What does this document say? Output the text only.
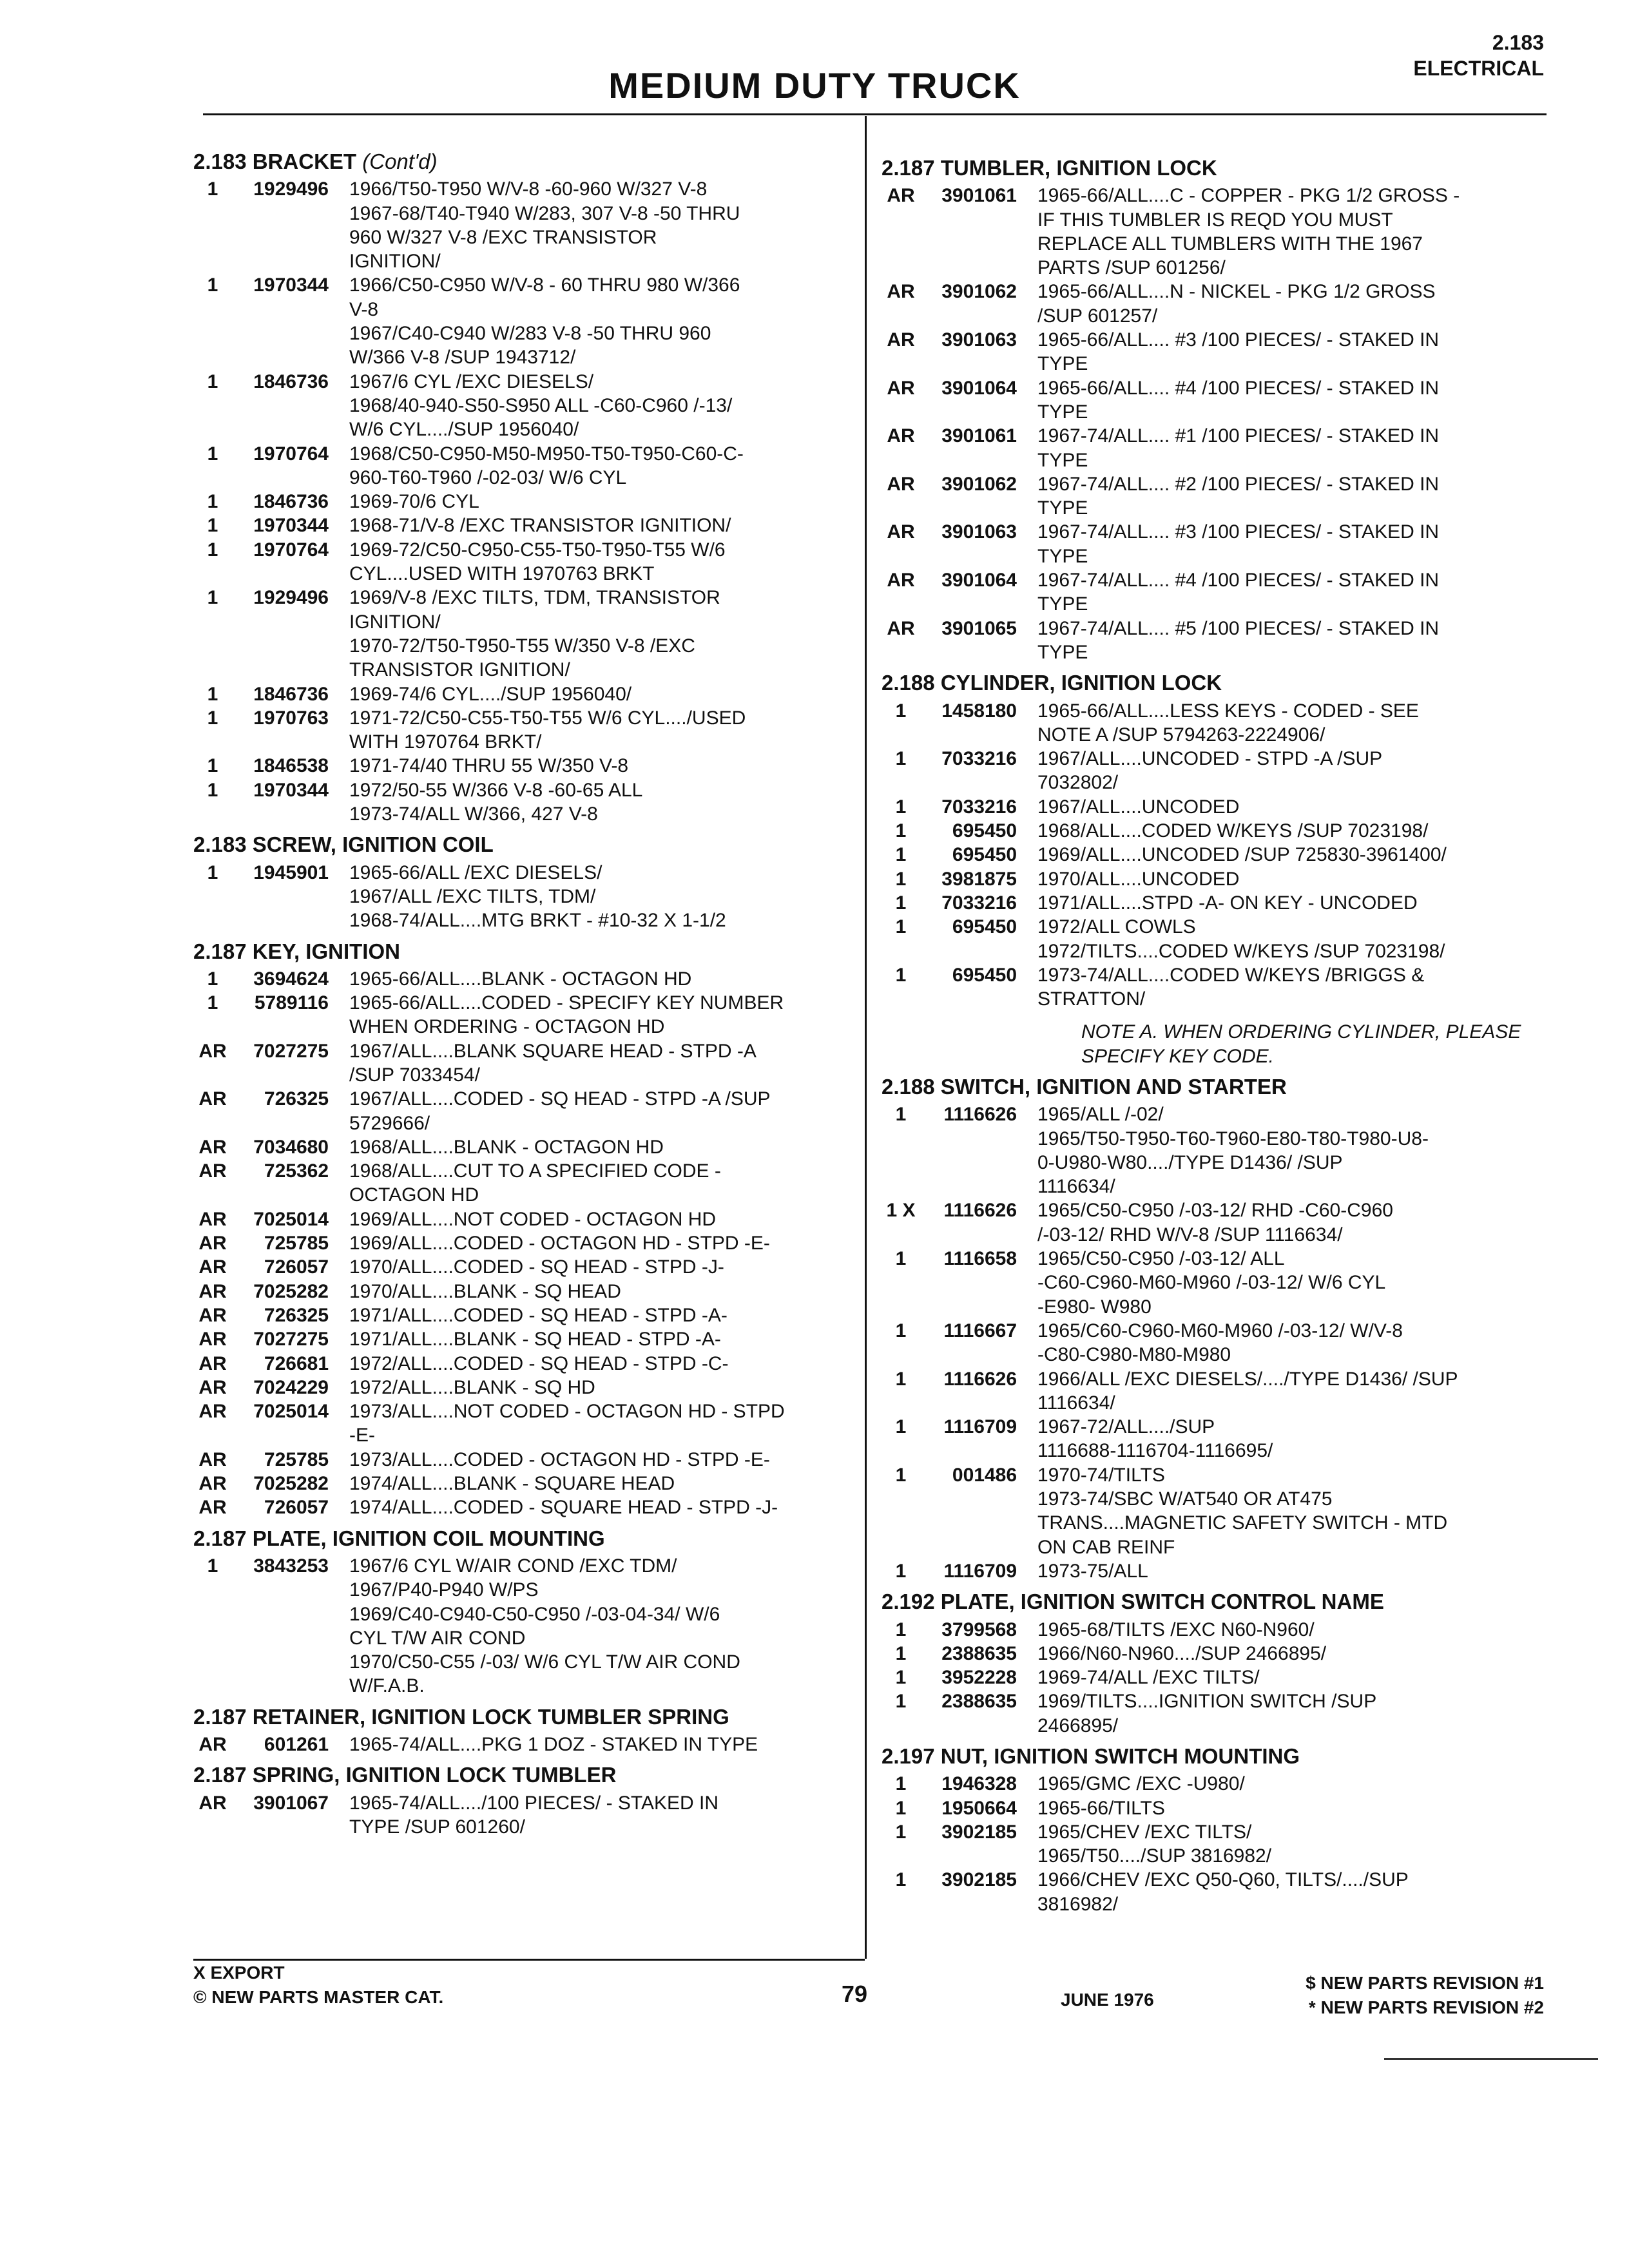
MEDIUM DUTY TRUCK
2.183
ELECTRICAL
2.183 BRACKET (Cont'd)
1	1929496	1966/T50-T950 W/V-8 -60-960 W/327 V-8
1967-68/T40-T940 W/283, 307 V-8 -50 THRU
960 W/327 V-8 /EXC TRANSISTOR
IGNITION/
1	1970344	1966/C50-C950 W/V-8 - 60 THRU 980 W/366
V-8
1967/C40-C940 W/283 V-8 -50 THRU 960
W/366 V-8 /SUP 1943712/
1	1846736	1967/6 CYL /EXC DIESELS/
1968/40-940-S50-S950 ALL -C60-C960 /-13/
W/6 CYL..../SUP 1956040/
1	1970764	1968/C50-C950-M50-M950-T50-T950-C60-C-
960-T60-T960 /-02-03/ W/6 CYL
1	1846736	1969-70/6 CYL
1	1970344	1968-71/V-8 /EXC TRANSISTOR IGNITION/
1	1970764	1969-72/C50-C950-C55-T50-T950-T55 W/6
CYL....USED WITH 1970763 BRKT
1	1929496	1969/V-8 /EXC TILTS, TDM, TRANSISTOR
IGNITION/
1970-72/T50-T950-T55 W/350 V-8 /EXC
TRANSISTOR IGNITION/
1	1846736	1969-74/6 CYL..../SUP 1956040/
1	1970763	1971-72/C50-C55-T50-T55 W/6 CYL..../USED
WITH 1970764 BRKT/
1	1846538	1971-74/40 THRU 55 W/350 V-8
1	1970344	1972/50-55 W/366 V-8 -60-65 ALL
1973-74/ALL W/366, 427 V-8
2.183 SCREW, IGNITION COIL
1	1945901	1965-66/ALL /EXC DIESELS/
1967/ALL /EXC TILTS, TDM/
1968-74/ALL....MTG BRKT - #10-32 X 1-1/2
2.187 KEY, IGNITION
1	3694624	1965-66/ALL....BLANK - OCTAGON HD
1	5789116	1965-66/ALL....CODED - SPECIFY KEY NUMBER
WHEN ORDERING - OCTAGON HD
AR	7027275	1967/ALL....BLANK SQUARE HEAD - STPD -A
/SUP 7033454/
AR	726325	1967/ALL....CODED - SQ HEAD - STPD -A /SUP
5729666/
AR	7034680	1968/ALL....BLANK - OCTAGON HD
AR	725362	1968/ALL....CUT TO A SPECIFIED CODE -
OCTAGON HD
AR	7025014	1969/ALL....NOT CODED - OCTAGON HD
AR	725785	1969/ALL....CODED - OCTAGON HD - STPD -E-
AR	726057	1970/ALL....CODED - SQ HEAD - STPD -J-
AR	7025282	1970/ALL....BLANK - SQ HEAD
AR	726325	1971/ALL....CODED - SQ HEAD - STPD -A-
AR	7027275	1971/ALL....BLANK - SQ HEAD - STPD -A-
AR	726681	1972/ALL....CODED - SQ HEAD - STPD -C-
AR	7024229	1972/ALL....BLANK - SQ HD
AR	7025014	1973/ALL....NOT CODED - OCTAGON HD - STPD
-E-
AR	725785	1973/ALL....CODED - OCTAGON HD - STPD -E-
AR	7025282	1974/ALL....BLANK - SQUARE HEAD
AR	726057	1974/ALL....CODED - SQUARE HEAD - STPD -J-
2.187 PLATE, IGNITION COIL MOUNTING
1	3843253	1967/6 CYL W/AIR COND /EXC TDM/
1967/P40-P940 W/PS
1969/C40-C940-C50-C950 /-03-04-34/ W/6
CYL T/W AIR COND
1970/C50-C55 /-03/ W/6 CYL T/W AIR COND
W/F.A.B.
2.187 RETAINER, IGNITION LOCK TUMBLER SPRING
AR	601261	1965-74/ALL....PKG 1 DOZ - STAKED IN TYPE
2.187 SPRING, IGNITION LOCK TUMBLER
AR	3901067	1965-74/ALL..../100 PIECES/ - STAKED IN
TYPE /SUP 601260/
2.187 TUMBLER, IGNITION LOCK
AR	3901061	1965-66/ALL....C - COPPER - PKG 1/2 GROSS -
IF THIS TUMBLER IS REQD YOU MUST
REPLACE ALL TUMBLERS WITH THE 1967
PARTS /SUP 601256/
AR	3901062	1965-66/ALL....N - NICKEL - PKG 1/2 GROSS
/SUP 601257/
AR	3901063	1965-66/ALL.... #3 /100 PIECES/ - STAKED IN
TYPE
AR	3901064	1965-66/ALL.... #4 /100 PIECES/ - STAKED IN
TYPE
AR	3901061	1967-74/ALL.... #1 /100 PIECES/ - STAKED IN
TYPE
AR	3901062	1967-74/ALL.... #2 /100 PIECES/ - STAKED IN
TYPE
AR	3901063	1967-74/ALL.... #3 /100 PIECES/ - STAKED IN
TYPE
AR	3901064	1967-74/ALL.... #4 /100 PIECES/ - STAKED IN
TYPE
AR	3901065	1967-74/ALL.... #5 /100 PIECES/ - STAKED IN
TYPE
2.188 CYLINDER, IGNITION LOCK
1	1458180	1965-66/ALL....LESS KEYS - CODED - SEE
NOTE A /SUP 5794263-2224906/
1	7033216	1967/ALL....UNCODED - STPD -A /SUP
7032802/
1	7033216	1967/ALL....UNCODED
1	695450	1968/ALL....CODED W/KEYS /SUP 7023198/
1	695450	1969/ALL....UNCODED /SUP 725830-3961400/
1	3981875	1970/ALL....UNCODED
1	7033216	1971/ALL....STPD -A- ON KEY - UNCODED
1	695450	1972/ALL COWLS
1972/TILTS....CODED W/KEYS /SUP 7023198/
1	695450	1973-74/ALL....CODED W/KEYS /BRIGGS &
STRATTON/
NOTE A. WHEN ORDERING CYLINDER, PLEASE
SPECIFY KEY CODE.
2.188 SWITCH, IGNITION AND STARTER
1	1116626	1965/ALL /-02/
1965/T50-T950-T60-T960-E80-T80-T980-U8-
0-U980-W80..../TYPE D1436/ /SUP
1116634/
1 X	1116626	1965/C50-C950 /-03-12/ RHD -C60-C960
/-03-12/ RHD W/V-8 /SUP 1116634/
1	1116658	1965/C50-C950 /-03-12/ ALL
-C60-C960-M60-M960 /-03-12/ W/6 CYL
-E980- W980
1	1116667	1965/C60-C960-M60-M960 /-03-12/ W/V-8
-C80-C980-M80-M980
1	1116626	1966/ALL /EXC DIESELS/..../TYPE D1436/ /SUP
1116634/
1	1116709	1967-72/ALL..../SUP
1116688-1116704-1116695/
1	001486	1970-74/TILTS
1973-74/SBC W/AT540 OR AT475
TRANS....MAGNETIC SAFETY SWITCH - MTD
ON CAB REINF
1	1116709	1973-75/ALL
2.192 PLATE, IGNITION SWITCH CONTROL NAME
1	3799568	1965-68/TILTS /EXC N60-N960/
1	2388635	1966/N60-N960..../SUP 2466895/
1	3952228	1969-74/ALL /EXC TILTS/
1	2388635	1969/TILTS....IGNITION SWITCH /SUP
2466895/
2.197 NUT, IGNITION SWITCH MOUNTING
1	1946328	1965/GMC /EXC -U980/
1	1950664	1965-66/TILTS
1	3902185	1965/CHEV /EXC TILTS/
1965/T50..../SUP 3816982/
1	3902185	1966/CHEV /EXC Q50-Q60, TILTS/..../SUP
3816982/
X EXPORT
© NEW PARTS MASTER CAT.	79	JUNE 1976
$ NEW PARTS REVISION #1
* NEW PARTS REVISION #2
